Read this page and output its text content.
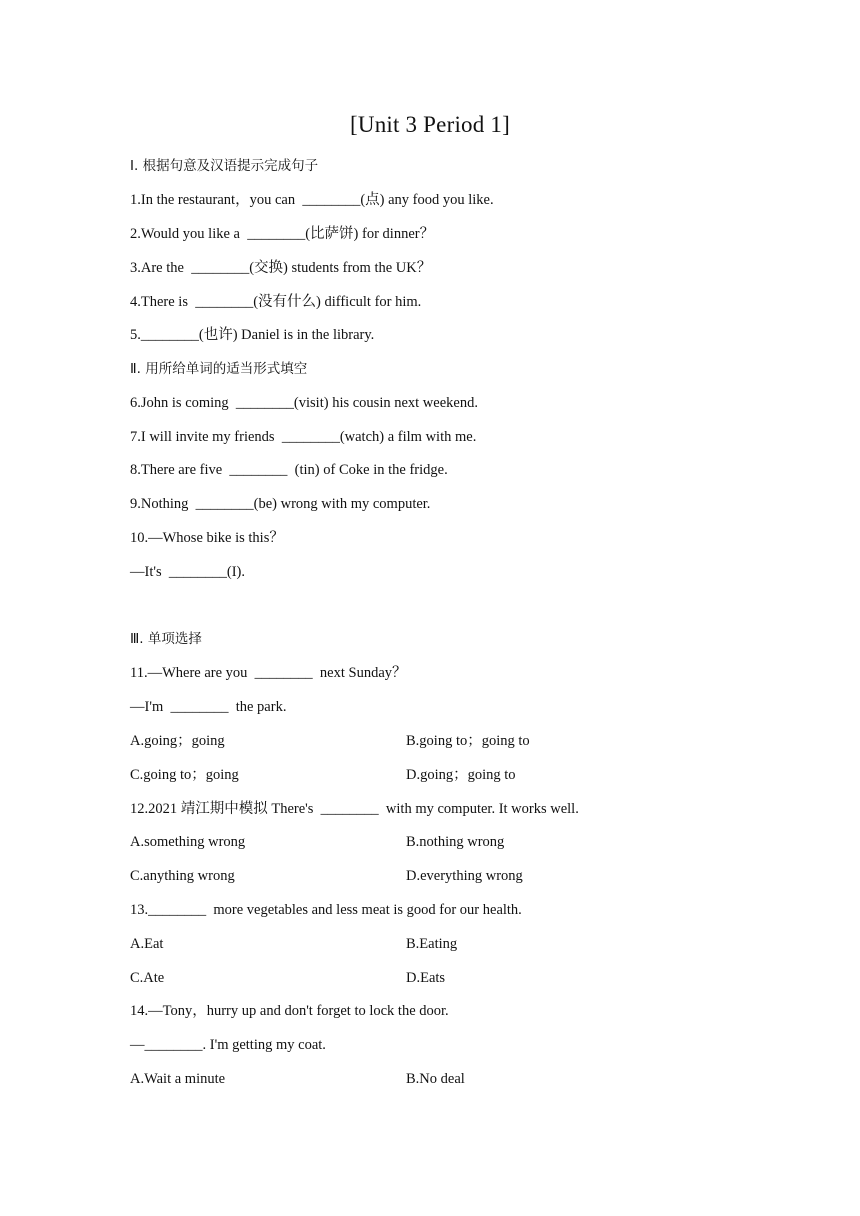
[Unit 3 Period 1]
Ⅰ. 根据句意及汉语提示完成句子
1.In the restaurant，you can  ________(点) any food you like.
2.Would you like a  ________(比萨饼) for dinner？
3.Are the  ________(交换) students from the UK？
4.There is  ________(没有什么) difficult for him.
5.________(也许) Daniel is in the library.
Ⅱ. 用所给单词的适当形式填空
6.John is coming  ________(visit) his cousin next weekend.
7.I will invite my friends  ________(watch) a film with me.
8.There are five  ________  (tin) of Coke in the fridge.
9.Nothing  ________(be) wrong with my computer.
10.—Whose bike is this？
—It's  ________(I).
Ⅲ. 单项选择
11.—Where are you  ________  next Sunday？
—I'm  ________  the park.
A.going；going	B.going to；going to
C.going to；going	D.going；going to
12.2021 靖江期中模拟 There's  ________  with my computer. It works well.
A.something wrong	B.nothing wrong
C.anything wrong	D.everything wrong
13.________  more vegetables and less meat is good for our health.
A.Eat	B.Eating
C.Ate	D.Eats
14.—Tony，hurry up and don't forget to lock the door.
—________. I'm getting my coat.
A.Wait a minute	B.No deal
